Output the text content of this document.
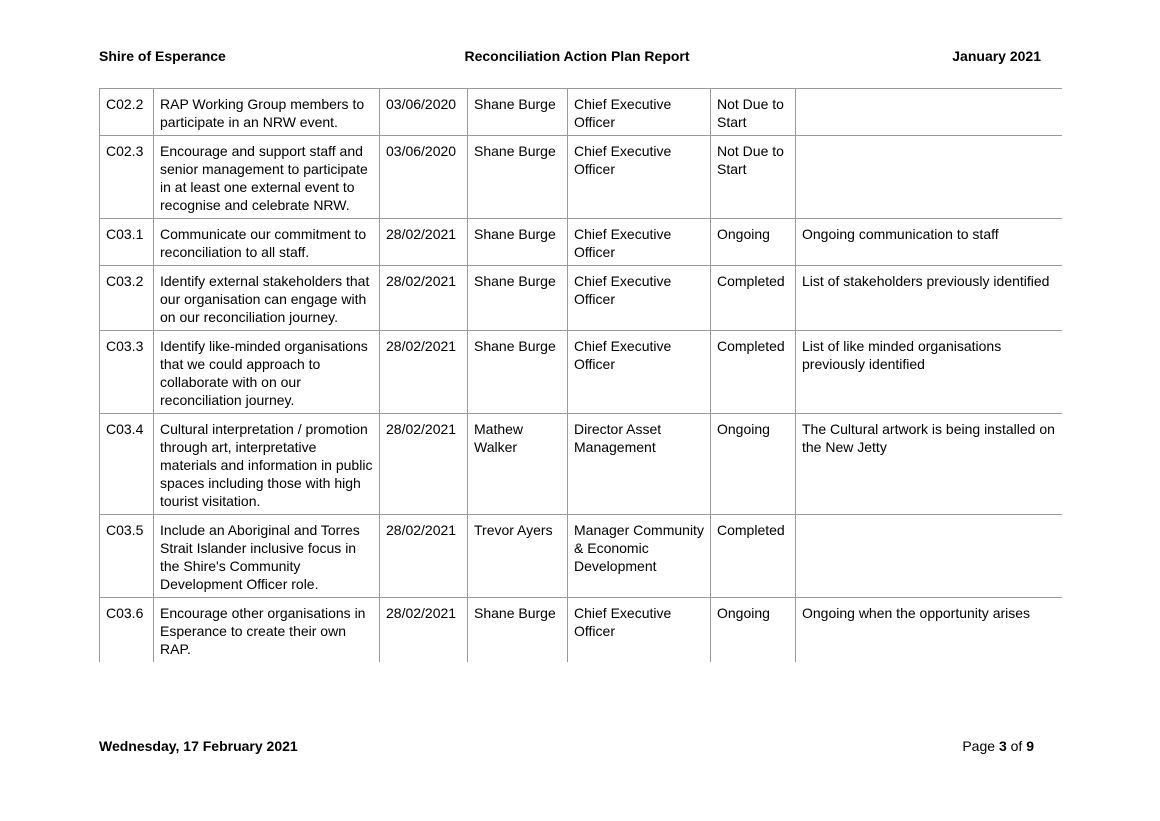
Shire of Esperance	Reconciliation Action Plan Report	January 2021
C02.2	RAP Working Group members to participate in an NRW event.	03/06/2020	Shane Burge	Chief Executive Officer	Not Due to Start	
C02.3	Encourage and support staff and senior management to participate in at least one external event to recognise and celebrate NRW.	03/06/2020	Shane Burge	Chief Executive Officer	Not Due to Start	
C03.1	Communicate our commitment to reconciliation to all staff.	28/02/2021	Shane Burge	Chief Executive Officer	Ongoing	Ongoing communication to staff
C03.2	Identify external stakeholders that our organisation can engage with on our reconciliation journey.	28/02/2021	Shane Burge	Chief Executive Officer	Completed	List of stakeholders previously identified
C03.3	Identify like-minded organisations that we could approach to collaborate with on our reconciliation journey.	28/02/2021	Shane Burge	Chief Executive Officer	Completed	List of like minded organisations previously identified
C03.4	Cultural interpretation / promotion through art, interpretative materials and information in public spaces including those with high tourist visitation.	28/02/2021	Mathew Walker	Director Asset Management	Ongoing	The Cultural artwork is being installed on the New Jetty
C03.5	Include an Aboriginal and Torres Strait Islander inclusive focus in the Shire's Community Development Officer role.	28/02/2021	Trevor Ayers	Manager Community & Economic Development	Completed	
C03.6	Encourage other organisations in Esperance to create their own RAP.	28/02/2021	Shane Burge	Chief Executive Officer	Ongoing	Ongoing when the opportunity arises
Wednesday, 17 February 2021	Page 3 of 9
